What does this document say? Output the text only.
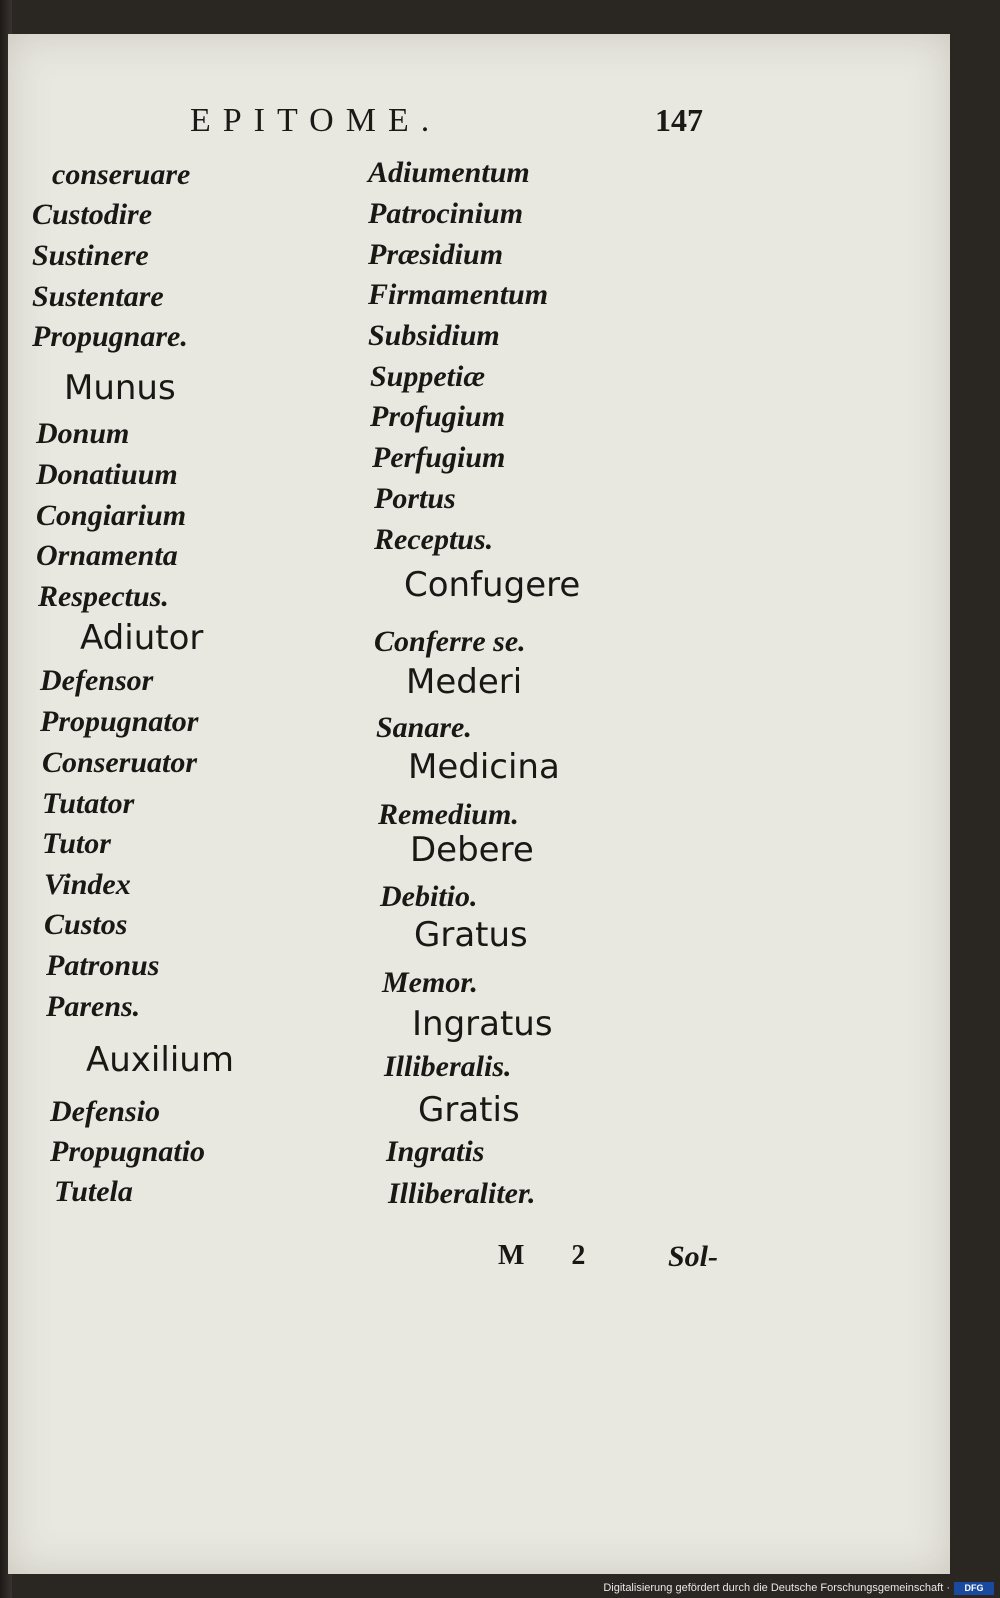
EPITOME.	147

conseruare

Custodire

Sustinere

Sustentare

Propugnare.

Munus

Donum

Donatiuum

Congiarium

Ornamenta

Respectus.

Adiutor

Defensor

Propugnator

Conseruator

Tutator

Tutor

Vindex

Custos

Patronus

Parens.

Auxilium

Defensio

Propugnatio

Tutela

Adiumentum

Patrocinium

Præsidium

Firmamentum

Subsidium

Suppetiæ

Profugium

Perfugium

Portus

Receptus.

Confugere

Conferre se.

Mederi

Sanare.

Medicina

Remedium.

Debere

Debitio.

Gratus

Memor.

Ingratus

Illiberalis.

Gratis

Ingratis

Illiberaliter.

M 2 Sol-
Digitalisierung gefördert durch die Deutsche Forschungsgemeinschaft ·	DFG
